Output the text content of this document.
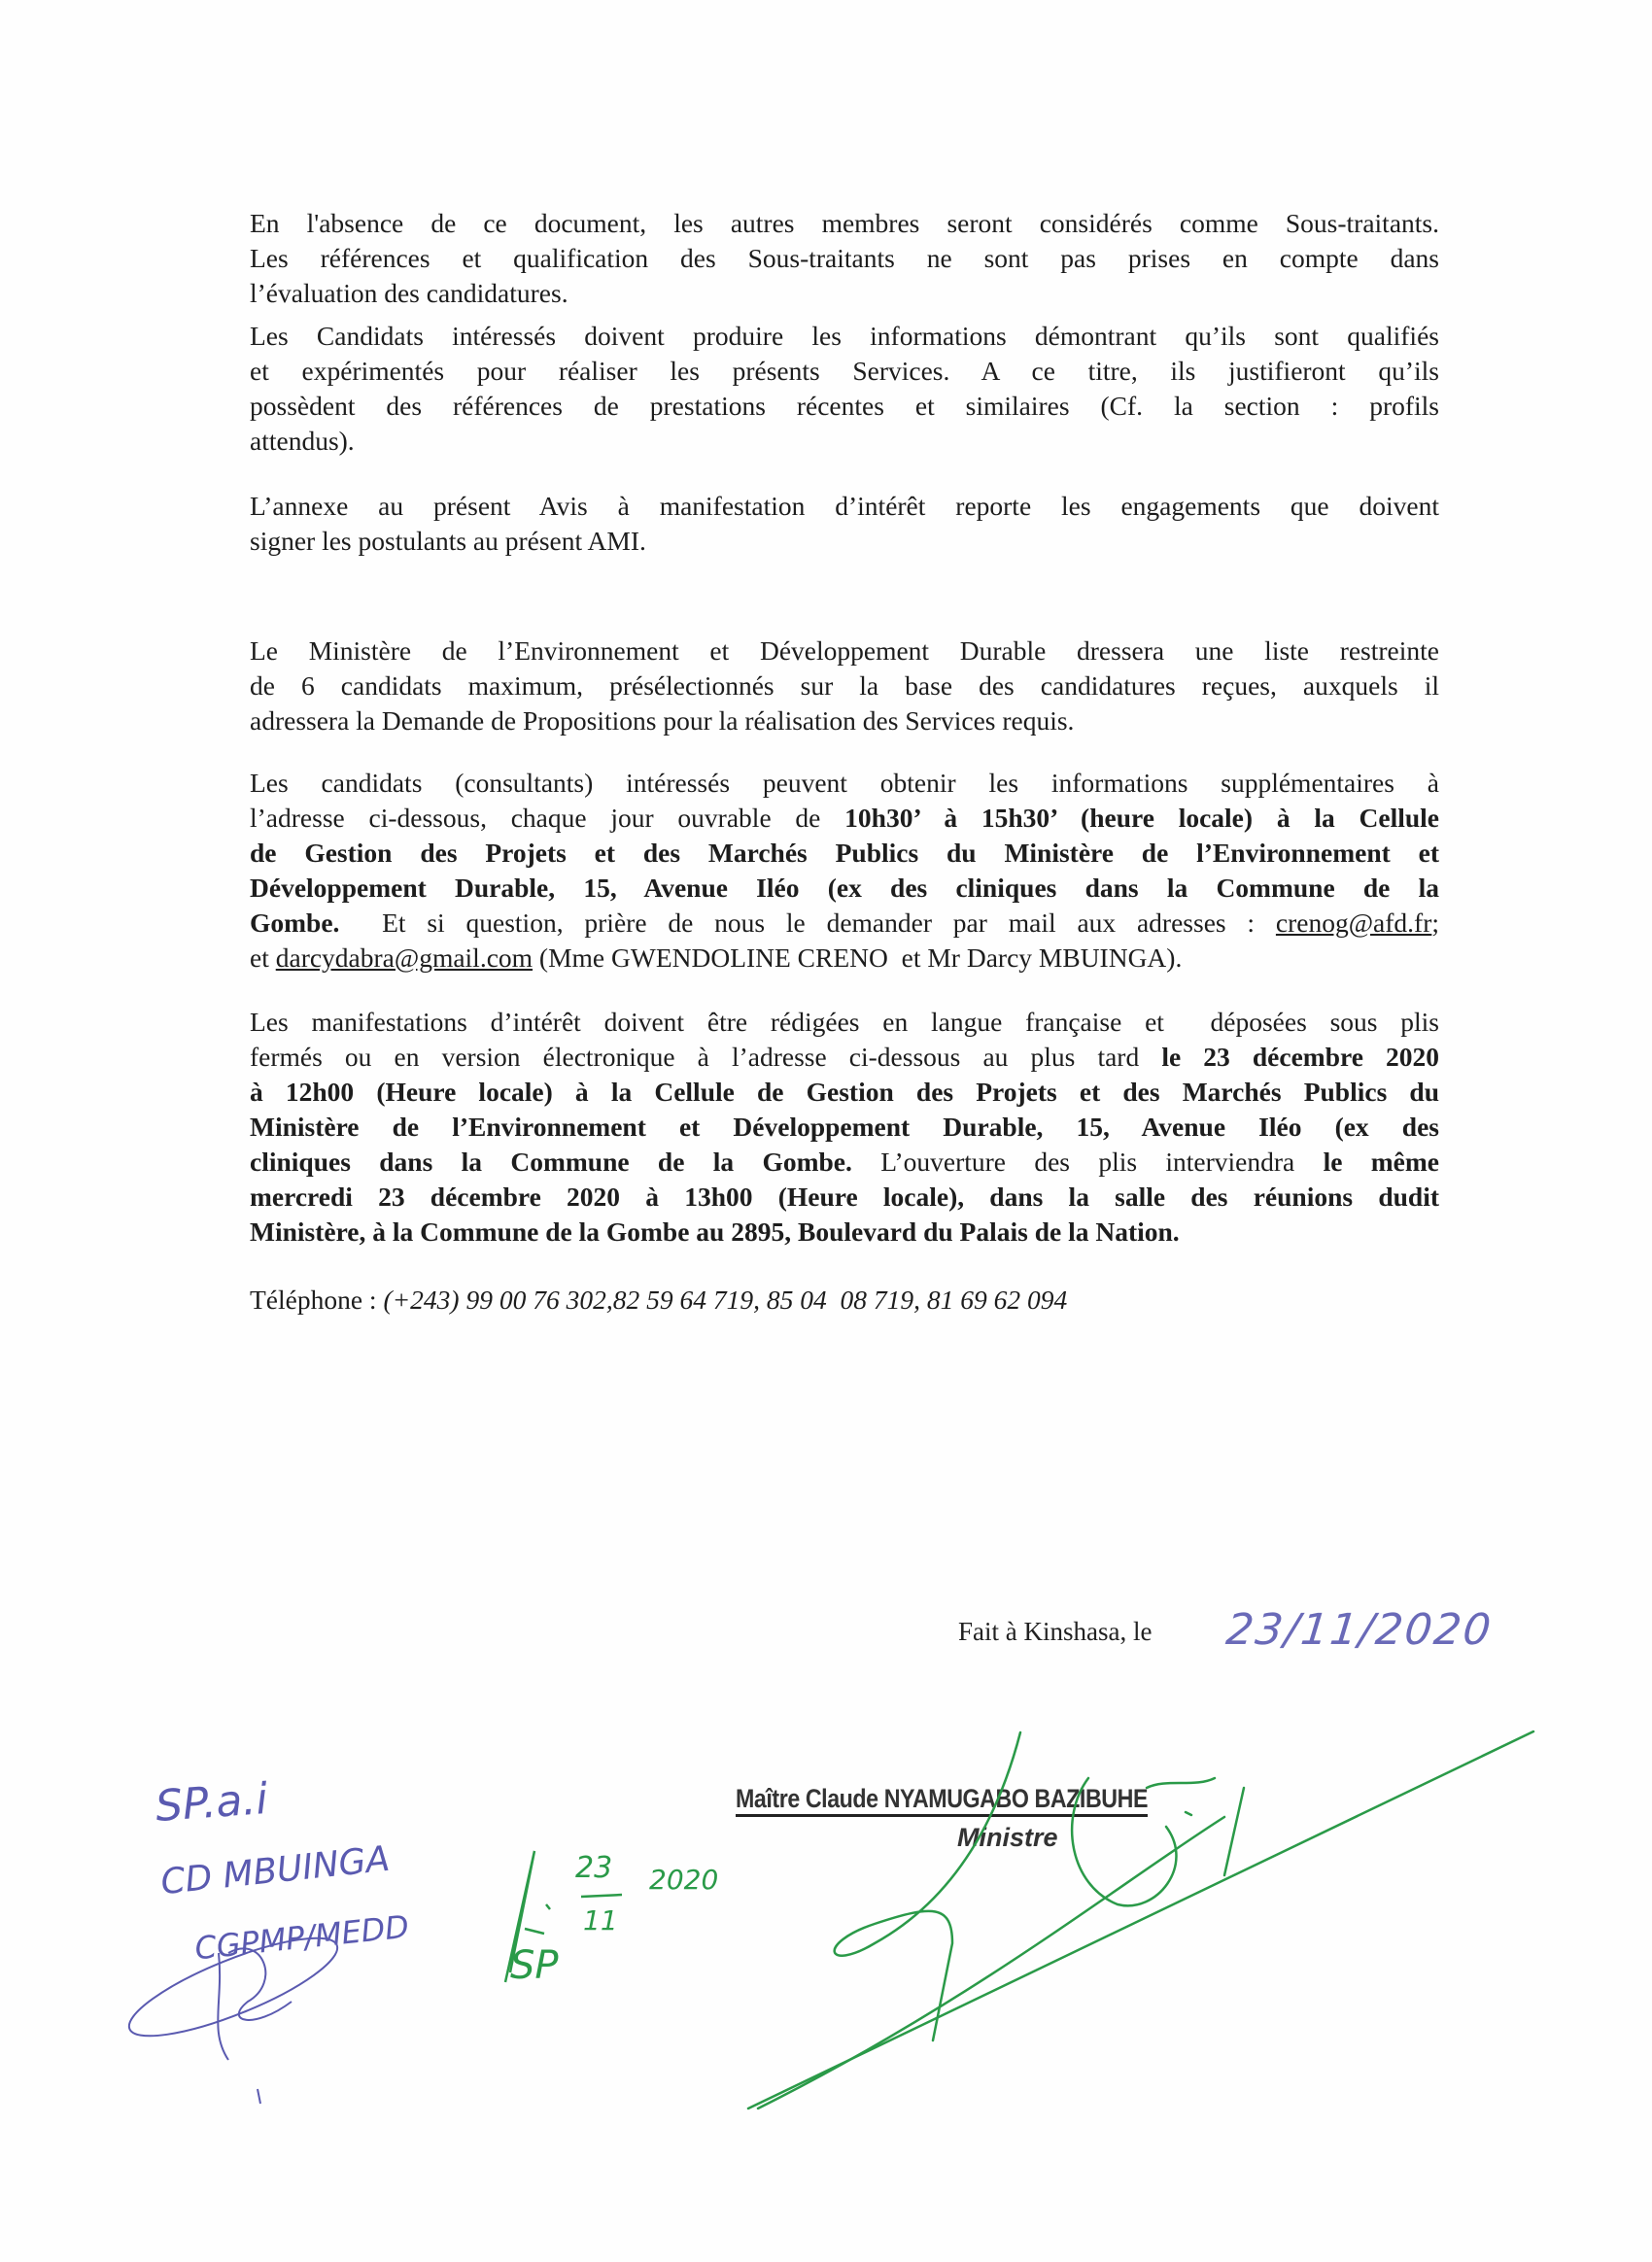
En l'absence de ce document, les autres membres seront considérés comme Sous-traitants.
Les références et qualification des Sous-traitants ne sont pas prises en compte dans
l’évaluation des candidatures.
Les Candidats intéressés doivent produire les informations démontrant qu’ils sont qualifiés
et expérimentés pour réaliser les présents Services. A ce titre, ils justifieront qu’ils
possèdent des références de prestations récentes et similaires (Cf. la section : profils
attendus).
L’annexe au présent Avis à manifestation d’intérêt reporte les engagements que doivent
signer les postulants au présent AMI.
Le Ministère de l’Environnement et Développement Durable dressera une liste restreinte
de 6 candidats maximum, présélectionnés sur la base des candidatures reçues, auxquels il
adressera la Demande de Propositions pour la réalisation des Services requis.
Les candidats (consultants) intéressés peuvent obtenir les informations supplémentaires à
l’adresse ci-dessous, chaque jour ouvrable de 10h30’ à 15h30’ (heure locale) à la Cellule
de Gestion des Projets et des Marchés Publics du Ministère de l’Environnement et
Développement Durable, 15, Avenue Iléo (ex des cliniques dans la Commune de la
Gombe.  Et si question, prière de nous le demander par mail aux adresses : crenog@afd.fr;
et darcydabra@gmail.com (Mme GWENDOLINE CRENO  et Mr Darcy MBUINGA).
Les manifestations d’intérêt doivent être rédigées en langue française et  déposées sous plis
fermés ou en version électronique à l’adresse ci-dessous au plus tard le 23 décembre 2020
à 12h00 (Heure locale) à la Cellule de Gestion des Projets et des Marchés Publics du
Ministère de l’Environnement et Développement Durable, 15, Avenue Iléo (ex des
cliniques dans la Commune de la Gombe. L’ouverture des plis interviendra le même
mercredi 23 décembre 2020 à 13h00 (Heure locale), dans la salle des réunions dudit
Ministère, à la Commune de la Gombe au 2895, Boulevard du Palais de la Nation.
Téléphone : (+243) 99 00 76 302,82 59 64 719, 85 04  08 719, 81 69 62 094
Fait à Kinshasa, le 23/11/2020
Maître Claude NYAMUGABO BAZIBUHE
Ministre
SP.a.i
CD MBUINGA
CGPMP/MEDD
23
11
2020
SP
